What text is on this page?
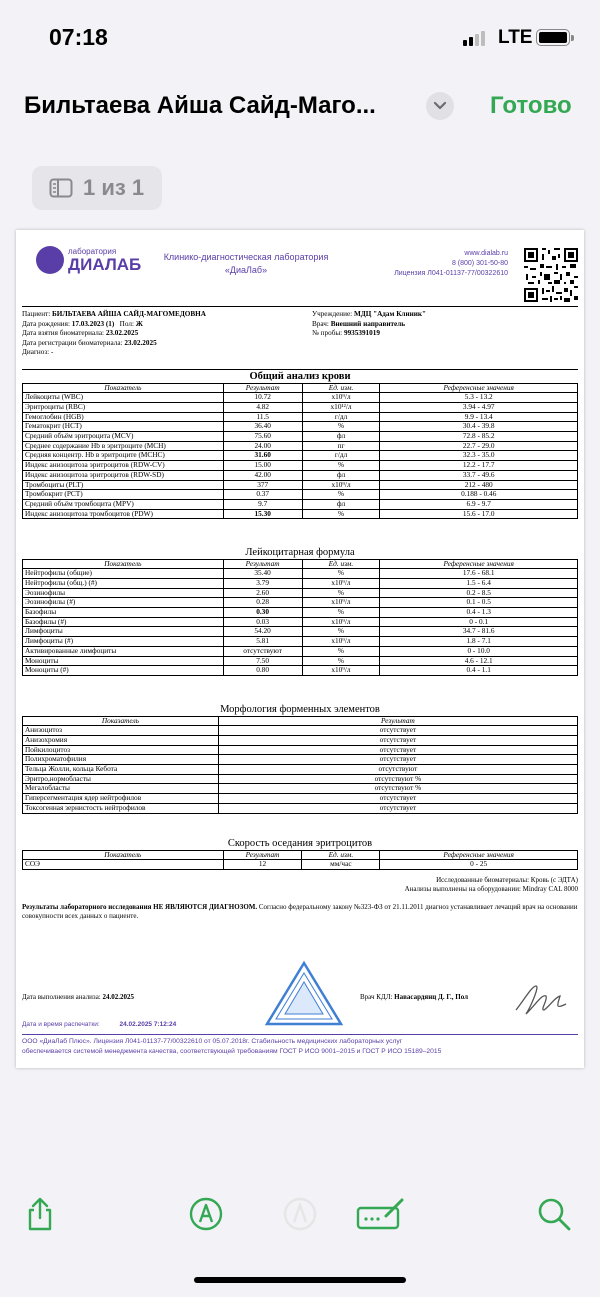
07:18	LTE
Бильтаева Айша Сайд-Маго...	Готово
1 из 1
лаборатория
ДИАЛАБ	Клинико-диагностическая лаборатория
«ДиаЛаб»
www.dialab.ru
8 (800) 301-50-80
Лицензия Л041-01137-77/00322610
Пациент: БИЛЬТАЕВА АЙША САЙД-МАГОМЕДОВНА
Дата рождения: 17.03.2023 (1) Пол: Ж
Дата взятия биоматериала: 23.02.2025
Дата регистрации биоматериала: 23.02.2025
Диагноз: -
Учреждение: МДЦ "Адам Клиник"
Врач: Внешний направитель
№ пробы: 9935391019
Общий анализ крови			
Показатель	Результат	Ед. изм.	Референсные значения
Лейкоциты (WBC)	10.72	x10⁹/л	5.3 - 13.2
Эритроциты (RBC)	4.82	x10¹²/л	3.94 - 4.97
Гемоглобин (HGB)	11.5	г/дл	9.9 - 13.4
Гематокрит (HCT)	36.40	%	30.4 - 39.8
Средний объём эритроцита (MCV)	75.60	фл	72.8 - 85.2
Среднее содержание Hb в эритроците (MCH)	24.00	пг	22.7 - 29.0
Средняя концентр. Hb в эритроците (MCHC)	31.60	г/дл	32.3 - 35.0
Индекс анизоцитоза эритроцитов (RDW-CV)	15.00	%	12.2 - 17.7
Индекс анизоцитоза эритроцитов (RDW-SD)	42.00	фл	33.7 - 49.6
Тромбоциты (PLT)	377	x10⁹/л	212 - 480
Тромбокрит (PCT)	0.37	%	0.188 - 0.46
Средний объём тромбоцита (MPV)	9.7	фл	6.9 - 9.7
Индекс анизоцитоза тромбоцитов (PDW)	15.30	%	15.6 - 17.0
Лейкоцитарная формула			
Показатель	Результат	Ед. изм.	Референсные значения
Нейтрофилы (общие)	35.40	%	17.6 - 68.1
Нейтрофилы (общ.) (#)	3.79	x10⁹/л	1.5 - 6.4
Эозинофилы	2.60	%	0.2 - 8.5
Эозинофилы (#)	0.28	x10⁹/л	0.1 - 0.5
Базофилы	0.30	%	0.4 - 1.3
Базофилы (#)	0.03	x10⁹/л	0 - 0.1
Лимфоциты	54.20	%	34.7 - 81.6
Лимфоциты (#)	5.81	x10⁹/л	1.8 - 7.1
Активированные лимфоциты	отсутствуют	%	0 - 10.0
Моноциты	7.50	%	4.6 - 12.1
Моноциты (#)	0.80	x10⁹/л	0.4 - 1.1
Морфология форменных элементов	
Показатель	Результат
Анизоцитоз	отсутствует
Анизохромия	отсутствует
Пойкилоцитоз	отсутствует
Полихроматофилия	отсутствует
Тельца Жолли, кольца Кебота	отсутствуют
Эритро,нормобласты	отсутствуют %
Мегалобласты	отсутствуют %
Гиперсегментация ядер нейтрофилов	отсутствует
Токсогенная зернистость нейтрофилов	отсутствует
Скорость оседания эритроцитов			
Показатель	Результат	Ед. изм.	Референсные значения
СОЭ	12	мм/час	0 - 25
Исследованные биоматериалы: Кровь (с ЭДТА)
Анализы выполнены на оборудовании: Mindray CAL 8000
Результаты лабораторного исследования НЕ ЯВЛЯЮТСЯ ДИАГНОЗОМ. Согласно федеральному закону №323-ФЗ от 21.11.2011 диагноз устанавливает лечащий врач на основании совокупности всех данных о пациенте.
Дата выполнения анализа: 24.02.2025	Врач КДЛ: Навасардянц Д. Г., Пол
Дата и время распечатки:	24.02.2025 7:12:24
ООО «ДиаЛаб Плюс». Лицензия Л041-01137-77/00322610 от 05.07.2018г. Стабильность медицинских лабораторных услуг
обеспечивается системой менеджмента качества, соответствующей требованиям ГОСТ Р ИСО 9001–2015 и ГОСТ Р ИСО 15189–2015
